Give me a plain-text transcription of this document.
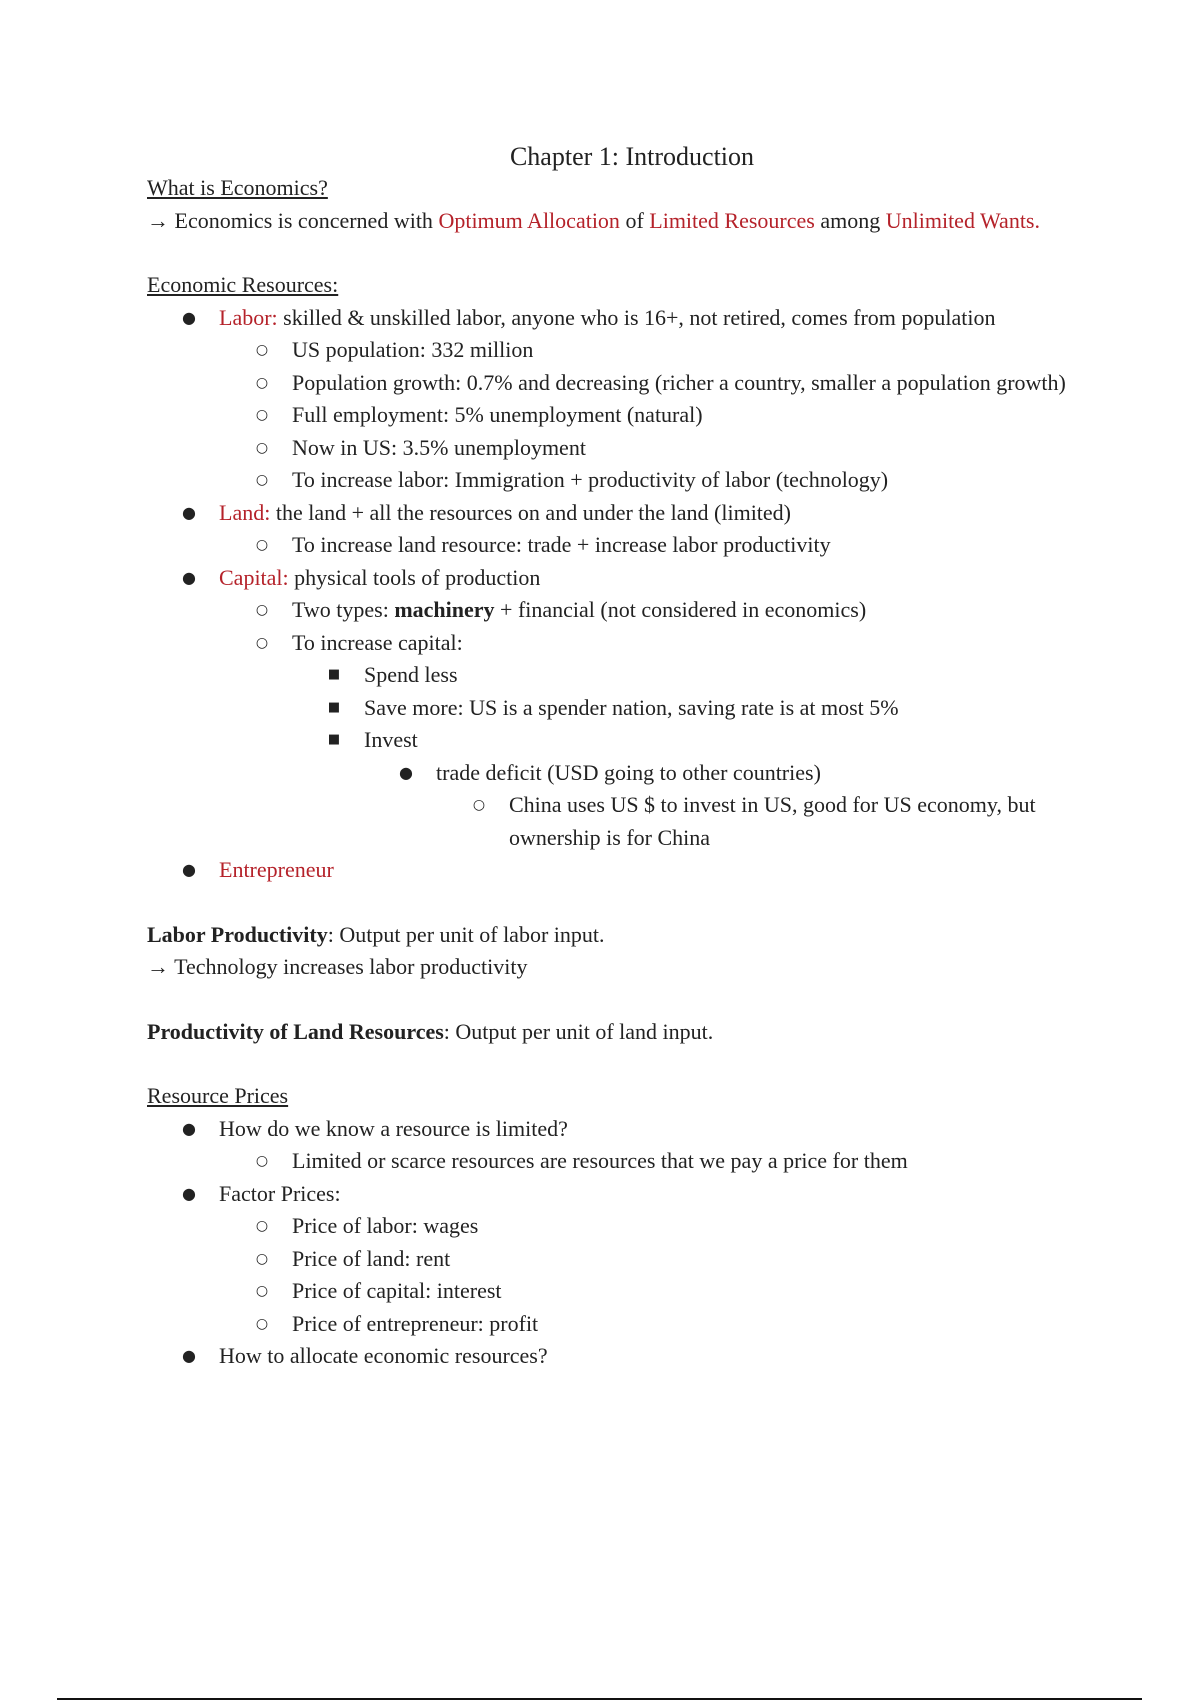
Chapter 1: Introduction

What is Economics?

→ Economics is concerned with Optimum Allocation of Limited Resources among Unlimited Wants.

Economic Resources:

● Labor: skilled & unskilled labor, anyone who is 16+, not retired, comes from population
○ US population: 332 million
○ Population growth: 0.7% and decreasing (richer a country, smaller a population growth)
○ Full employment: 5% unemployment (natural)
○ Now in US: 3.5% unemployment
○ To increase labor: Immigration + productivity of labor (technology)
● Land: the land + all the resources on and under the land (limited)
○ To increase land resource: trade + increase labor productivity
● Capital: physical tools of production
○ Two types: machinery + financial (not considered in economics)
○ To increase capital:
■ Spend less
■ Save more: US is a spender nation, saving rate is at most 5%
■ Invest
● trade deficit (USD going to other countries)
○ China uses US $ to invest in US, good for US economy, but ownership is for China
● Entrepreneur

Labor Productivity: Output per unit of labor input.

→ Technology increases labor productivity

Productivity of Land Resources: Output per unit of land input.

Resource Prices

● How do we know a resource is limited?
○ Limited or scarce resources are resources that we pay a price for them
● Factor Prices:
○ Price of labor: wages
○ Price of land: rent
○ Price of capital: interest
○ Price of entrepreneur: profit
● How to allocate economic resources?
